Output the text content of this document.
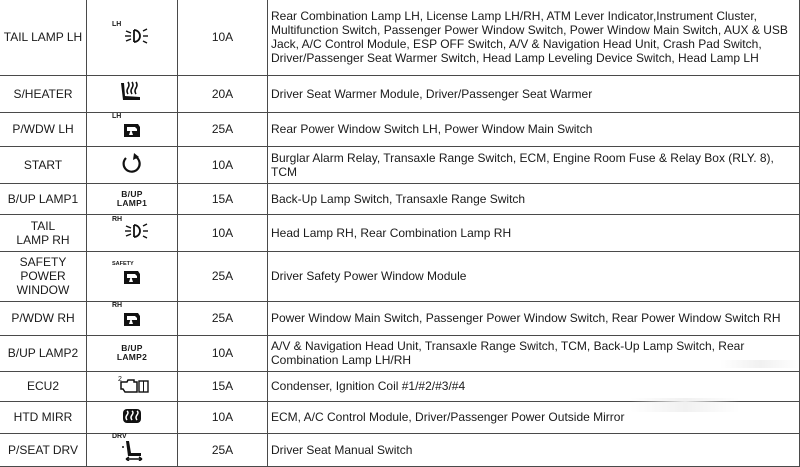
TAIL LAMP LH	LH	10A	Rear Combination Lamp LH, License Lamp LH/RH, ATM Lever Indicator,Instrument Cluster, Multifunction Switch, Passenger Power Window Switch, Power Window Main Switch, AUX & USB Jack, A/C Control Module, ESP OFF Switch, A/V & Navigation Head Unit, Crash Pad Switch, Driver/Passenger Seat Warmer Switch, Head Lamp Leveling Device Switch, Head Lamp LH
S/HEATER		20A	Driver Seat Warmer Module, Driver/Passenger Seat Warmer
P/WDW LH	LH	25A	Rear Power Window Switch LH, Power Window Main Switch
START		10A	Burglar Alarm Relay, Transaxle Range Switch, ECM, Engine Room Fuse & Relay Box (RLY. 8), TCM
B/UP LAMP1	B/UP LAMP1	15A	Back-Up Lamp Switch, Transaxle Range Switch
TAIL LAMP RH	RH	10A	Head Lamp RH, Rear Combination Lamp RH
SAFETY POWER WINDOW	SAFETY	25A	Driver Safety Power Window Module
P/WDW RH	RH	25A	Power Window Main Switch, Passenger Power Window Switch, Rear Power Window Switch RH
B/UP LAMP2	B/UP LAMP2	10A	A/V & Navigation Head Unit, Transaxle Range Switch, TCM, Back-Up Lamp Switch, Rear Combination Lamp LH/RH
ECU2	2	15A	Condenser, Ignition Coil #1/#2/#3/#4
HTD MIRR		10A	ECM, A/C Control Module, Driver/Passenger Power Outside Mirror
P/SEAT DRV	DRV	25A	Driver Seat Manual Switch
